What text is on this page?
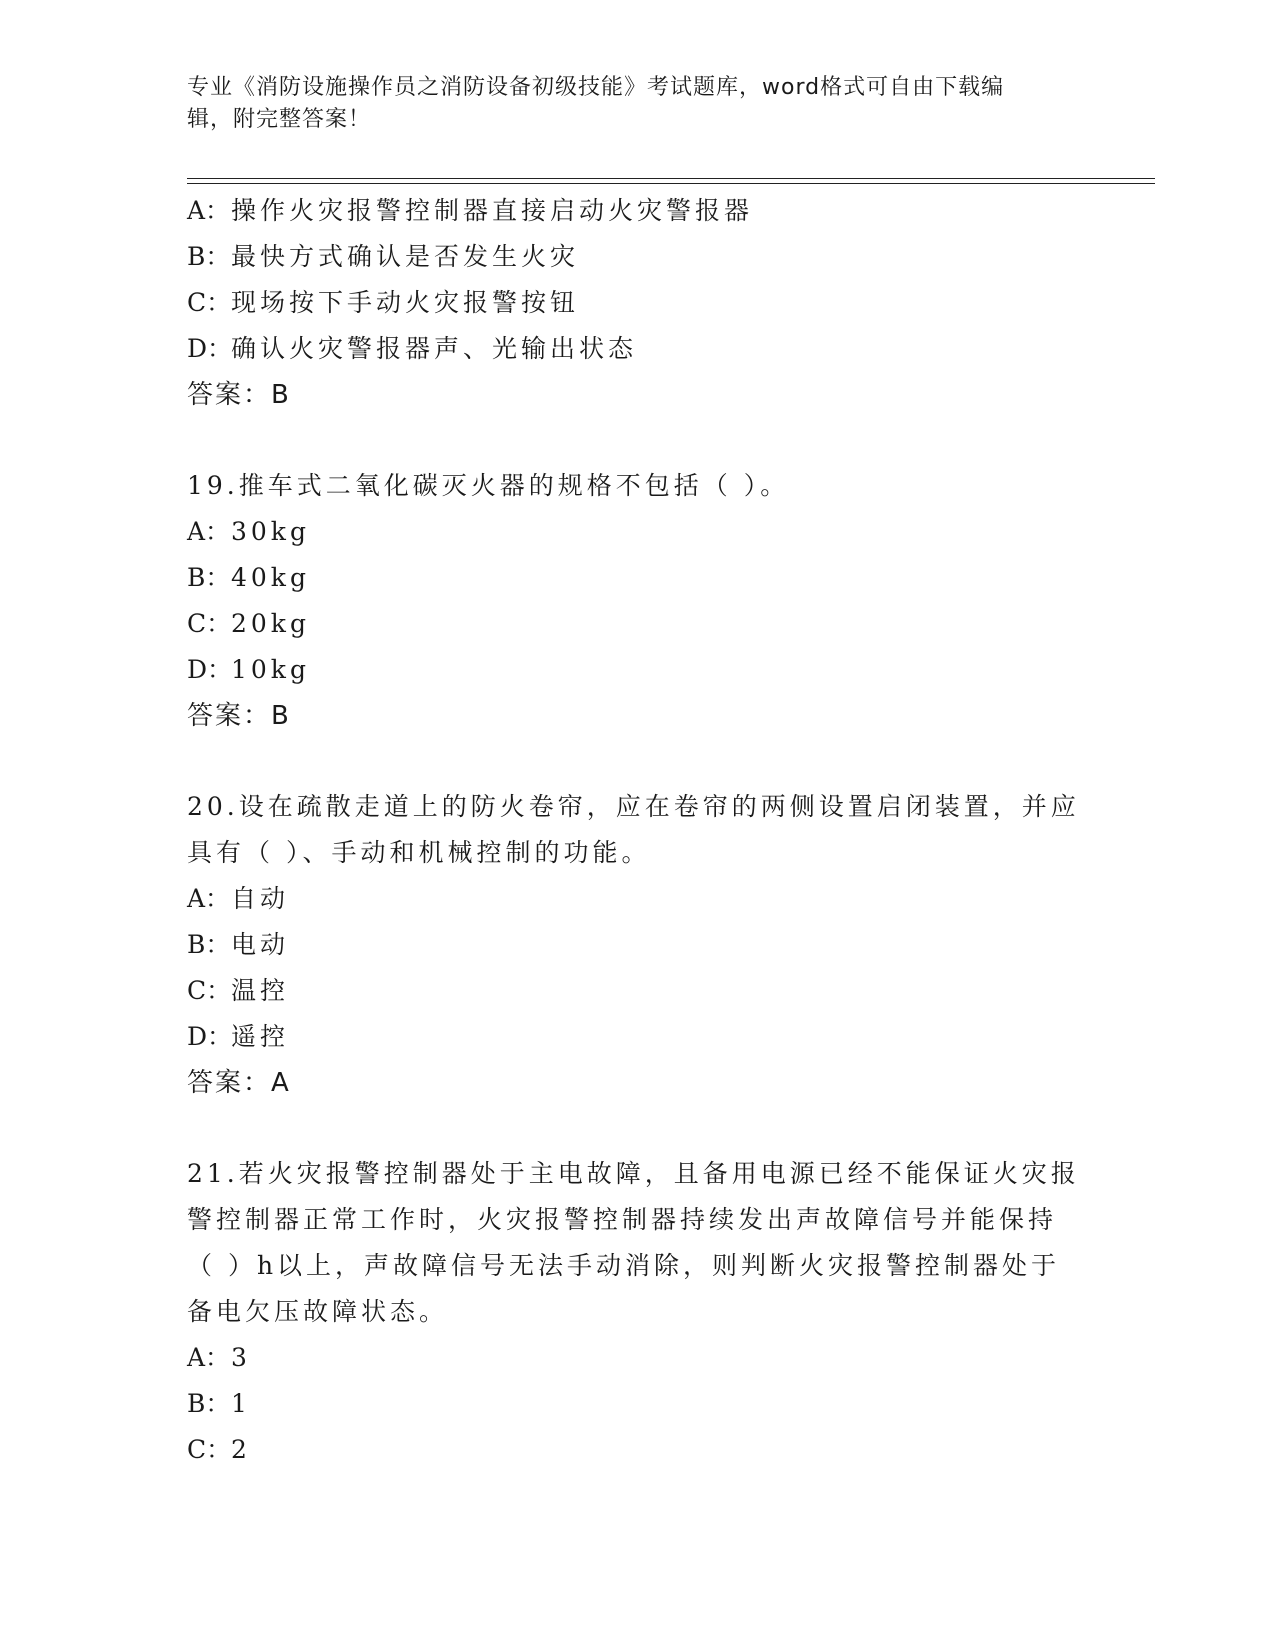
专业《消防设施操作员之消防设备初级技能》考试题库，word格式可自由下载编
辑，附完整答案！
A：操作火灾报警控制器直接启动火灾警报器
B：最快方式确认是否发生火灾
C：现场按下手动火灾报警按钮
D：确认火灾警报器声、光输出状态
答案：B
19.推车式二氧化碳灭火器的规格不包括（ ）。
A：30kg
B：40kg
C：20kg
D：10kg
答案：B
20.设在疏散走道上的防火卷帘，应在卷帘的两侧设置启闭装置，并应
具有（ ）、手动和机械控制的功能。
A：自动
B：电动
C：温控
D：遥控
答案：A
21.若火灾报警控制器处于主电故障，且备用电源已经不能保证火灾报
警控制器正常工作时，火灾报警控制器持续发出声故障信号并能保持
（ ）h以上，声故障信号无法手动消除，则判断火灾报警控制器处于
备电欠压故障状态。
A：3
B：1
C：2
